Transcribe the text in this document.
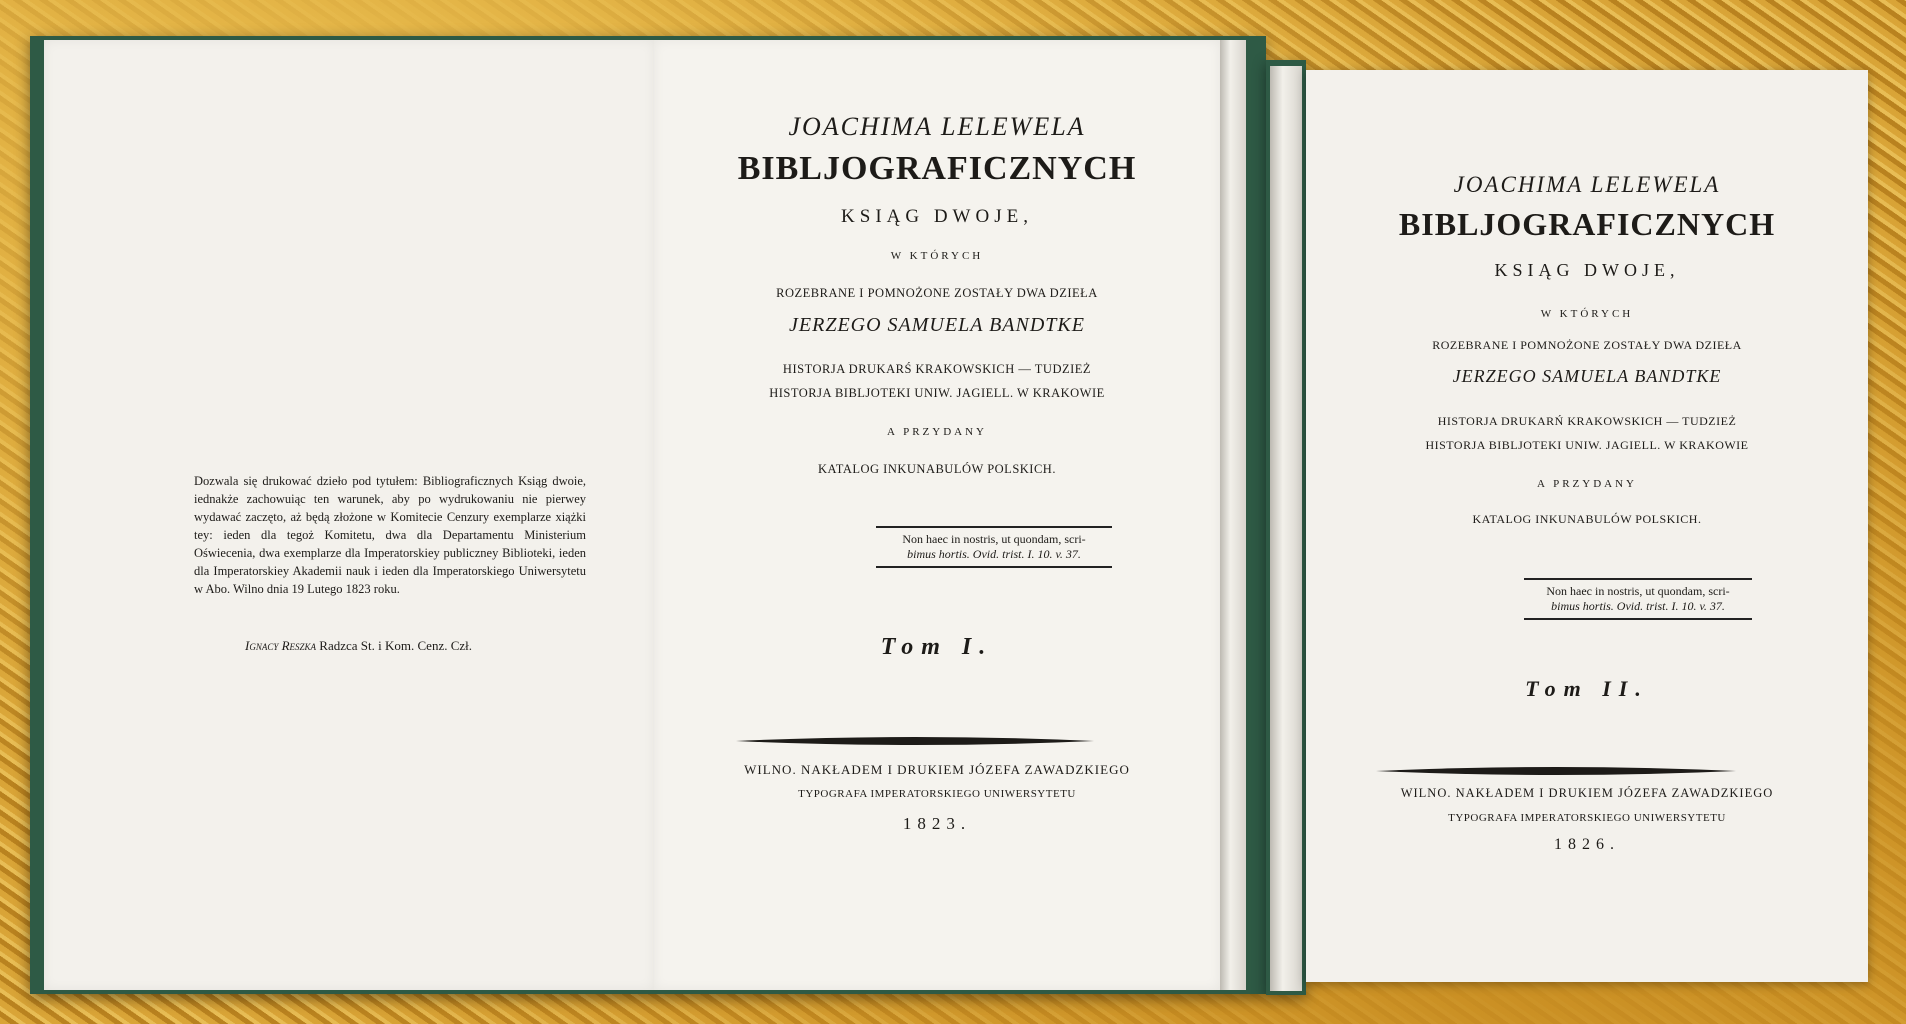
Dozwala się drukować dzieło pod tytułem: Bibliograficznych Ksiąg dwoie, iednakże zachowuiąc ten warunek, aby po wydrukowaniu nie pierwey wydawać zaczęto, aż będą złożone w Komitecie Cenzury exemplarze xiążki tey: ieden dla tegoż Komitetu, dwa dla Departamentu Ministerium Oświecenia, dwa exemplarze dla Imperatorskiey publiczney Biblioteki, ieden dla Imperatorskiey Akademii nauk i ieden dla Imperatorskiego Uniwersytetu w Abo. Wilno dnia 19 Lutego 1823 roku.
Ignacy Reszka Radzca St. i Kom. Cenz. Czł.
JOACHIMA LELEWELA
BIBLJOGRAFICZNYCH
KSIĄG DWOJE,
W KTÓRYCH
ROZEBRANE I POMNOŻONE ZOSTAŁY DWA DZIEŁA
JERZEGO SAMUELA BANDTKE
HISTORJA DRUKARŚ KRAKOWSKICH — TUDZIEŻ
HISTORJA BIBLJOTEKI UNIW. JAGIELL. W KRAKOWIE
A PRZYDANY
KATALOG INKUNABULÓW POLSKICH.
Non haec in nostris, ut quondam, scri-
bimus hortis. Ovid. trist. I. 10. v. 37.
Tom I.
WILNO. NAKŁADEM I DRUKIEM JÓZEFA ZAWADZKIEGO
TYPOGRAFA IMPERATORSKIEGO UNIWERSYTETU
1823.
JOACHIMA LELEWELA
BIBLJOGRAFICZNYCH
KSIĄG DWOJE,
W KTÓRYCH
ROZEBRANE I POMNOŻONE ZOSTAŁY DWA DZIEŁA
JERZEGO SAMUELA BANDTKE
HISTORJA DRUKARŃ KRAKOWSKICH — TUDZIEŻ
HISTORJA BIBLJOTEKI UNIW. JAGIELL. W KRAKOWIE
A PRZYDANY
KATALOG INKUNABULÓW POLSKICH.
Non haec in nostris, ut quondam, scri-
bimus hortis. Ovid. trist. I. 10. v. 37.
Tom II.
WILNO. NAKŁADEM I DRUKIEM JÓZEFA ZAWADZKIEGO
TYPOGRAFA IMPERATORSKIEGO UNIWERSYTETU
1826.
